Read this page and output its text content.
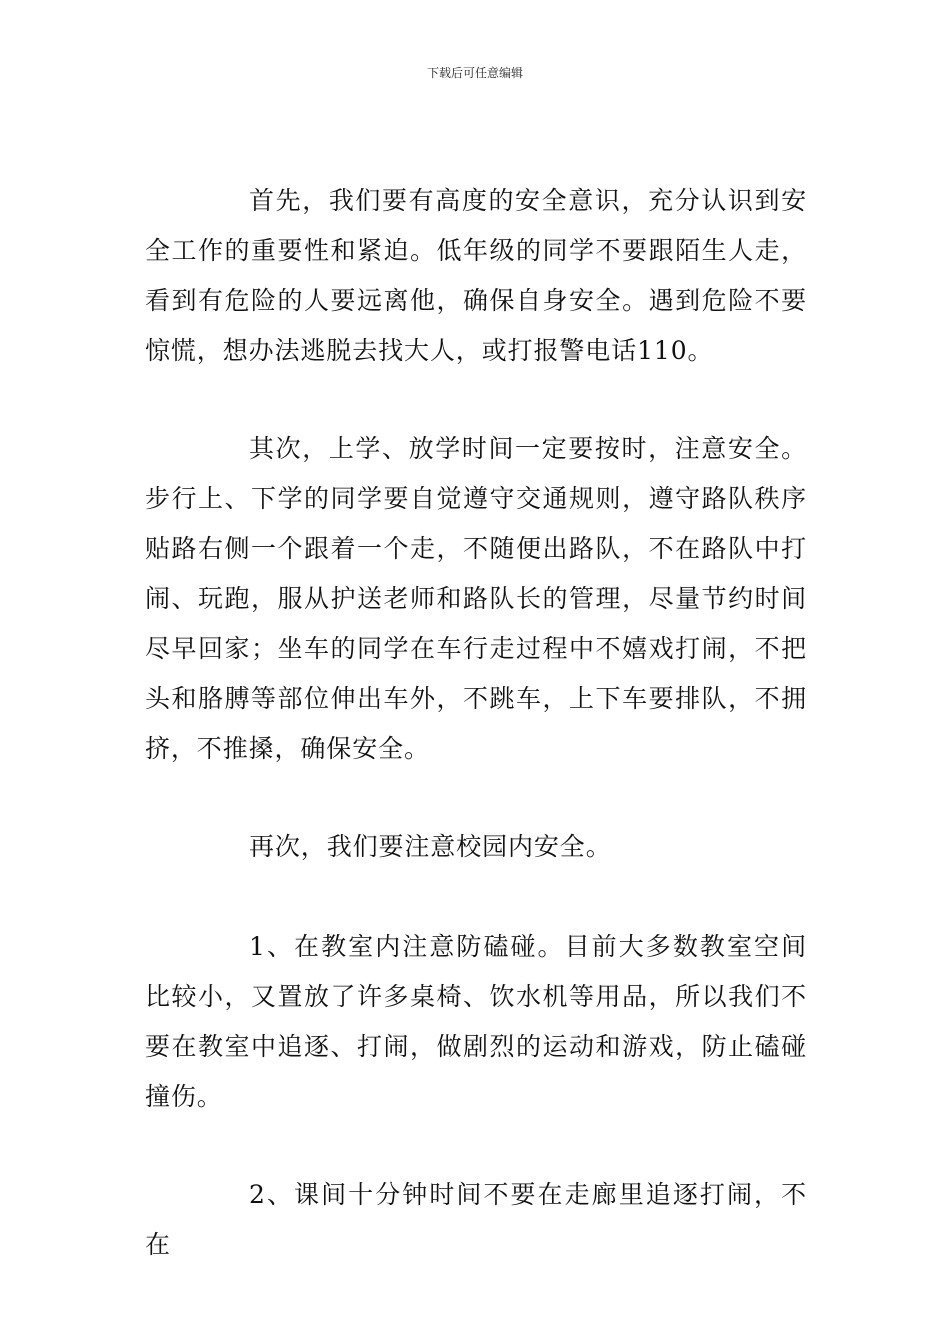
下载后可任意编辑

首先，我们要有高度的安全意识，充分认识到安全工作的重要性和紧迫。低年级的同学不要跟陌生人走，看到有危险的人要远离他，确保自身安全。遇到危险不要惊慌，想办法逃脱去找大人，或打报警电话110。

其次，上学、放学时间一定要按时，注意安全。步行上、下学的同学要自觉遵守交通规则，遵守路队秩序贴路右侧一个跟着一个走，不随便出路队，不在路队中打闹、玩跑，服从护送老师和路队长的管理，尽量节约时间尽早回家；坐车的同学在车行走过程中不嬉戏打闹，不把头和胳膊等部位伸出车外，不跳车，上下车要排队，不拥挤，不推搡，确保安全。

再次，我们要注意校园内安全。

1、在教室内注意防磕碰。目前大多数教室空间比较小，又置放了许多桌椅、饮水机等用品，所以我们不要在教室中追逐、打闹，做剧烈的运动和游戏，防止磕碰撞伤。

2、课间十分钟时间不要在走廊里追逐打闹，不在
